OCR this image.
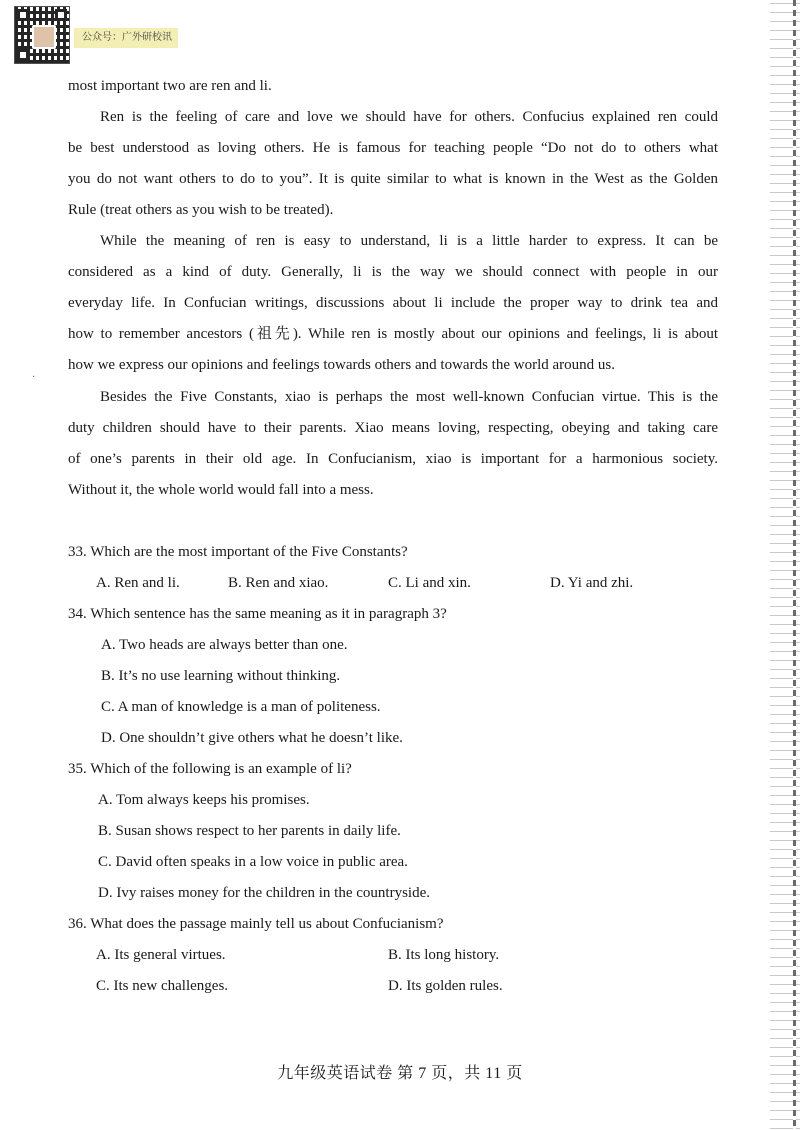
公众号：广外研校讯
most important two are ren and li.
Ren is the feeling of care and love we should have for others. Confucius explained ren could
be best understood as loving others. He is famous for teaching people “Do not do to others what
you do not want others to do to you”. It is quite similar to what is known in the West as the Golden
Rule (treat others as you wish to be treated).
While the meaning of ren is easy to understand, li is a little harder to express. It can be
considered as a kind of duty. Generally, li is the way we should connect with people in our
everyday life. In Confucian writings, discussions about li include the proper way to drink tea and
how to remember ancestors (祖先). While ren is mostly about our opinions and feelings, li is about
how we express our opinions and feelings towards others and towards the world around us.
Besides the Five Constants, xiao is perhaps the most well-known Confucian virtue. This is the
duty children should have to their parents. Xiao means loving, respecting, obeying and taking care
of one’s parents in their old age. In Confucianism, xiao is important for a harmonious society.
Without it, the whole world would fall into a mess.
·
33. Which are the most important of the Five Constants?
A. Ren and li.	B. Ren and xiao.	C. Li and xin.	D. Yi and zhi.
34. Which sentence has the same meaning as it in paragraph 3?
A. Two heads are always better than one.
B. It’s no use learning without thinking.
C. A man of knowledge is a man of politeness.
D. One shouldn’t give others what he doesn’t like.
35. Which of the following is an example of li?
A. Tom always keeps his promises.
B. Susan shows respect to her parents in daily life.
C. David often speaks in a low voice in public area.
D. Ivy raises money for the children in the countryside.
36. What does the passage mainly tell us about Confucianism?
A. Its general virtues.	B. Its long history.
C. Its new challenges.	D. Its golden rules.
九年级英语试卷 第 7 页，共 11 页
